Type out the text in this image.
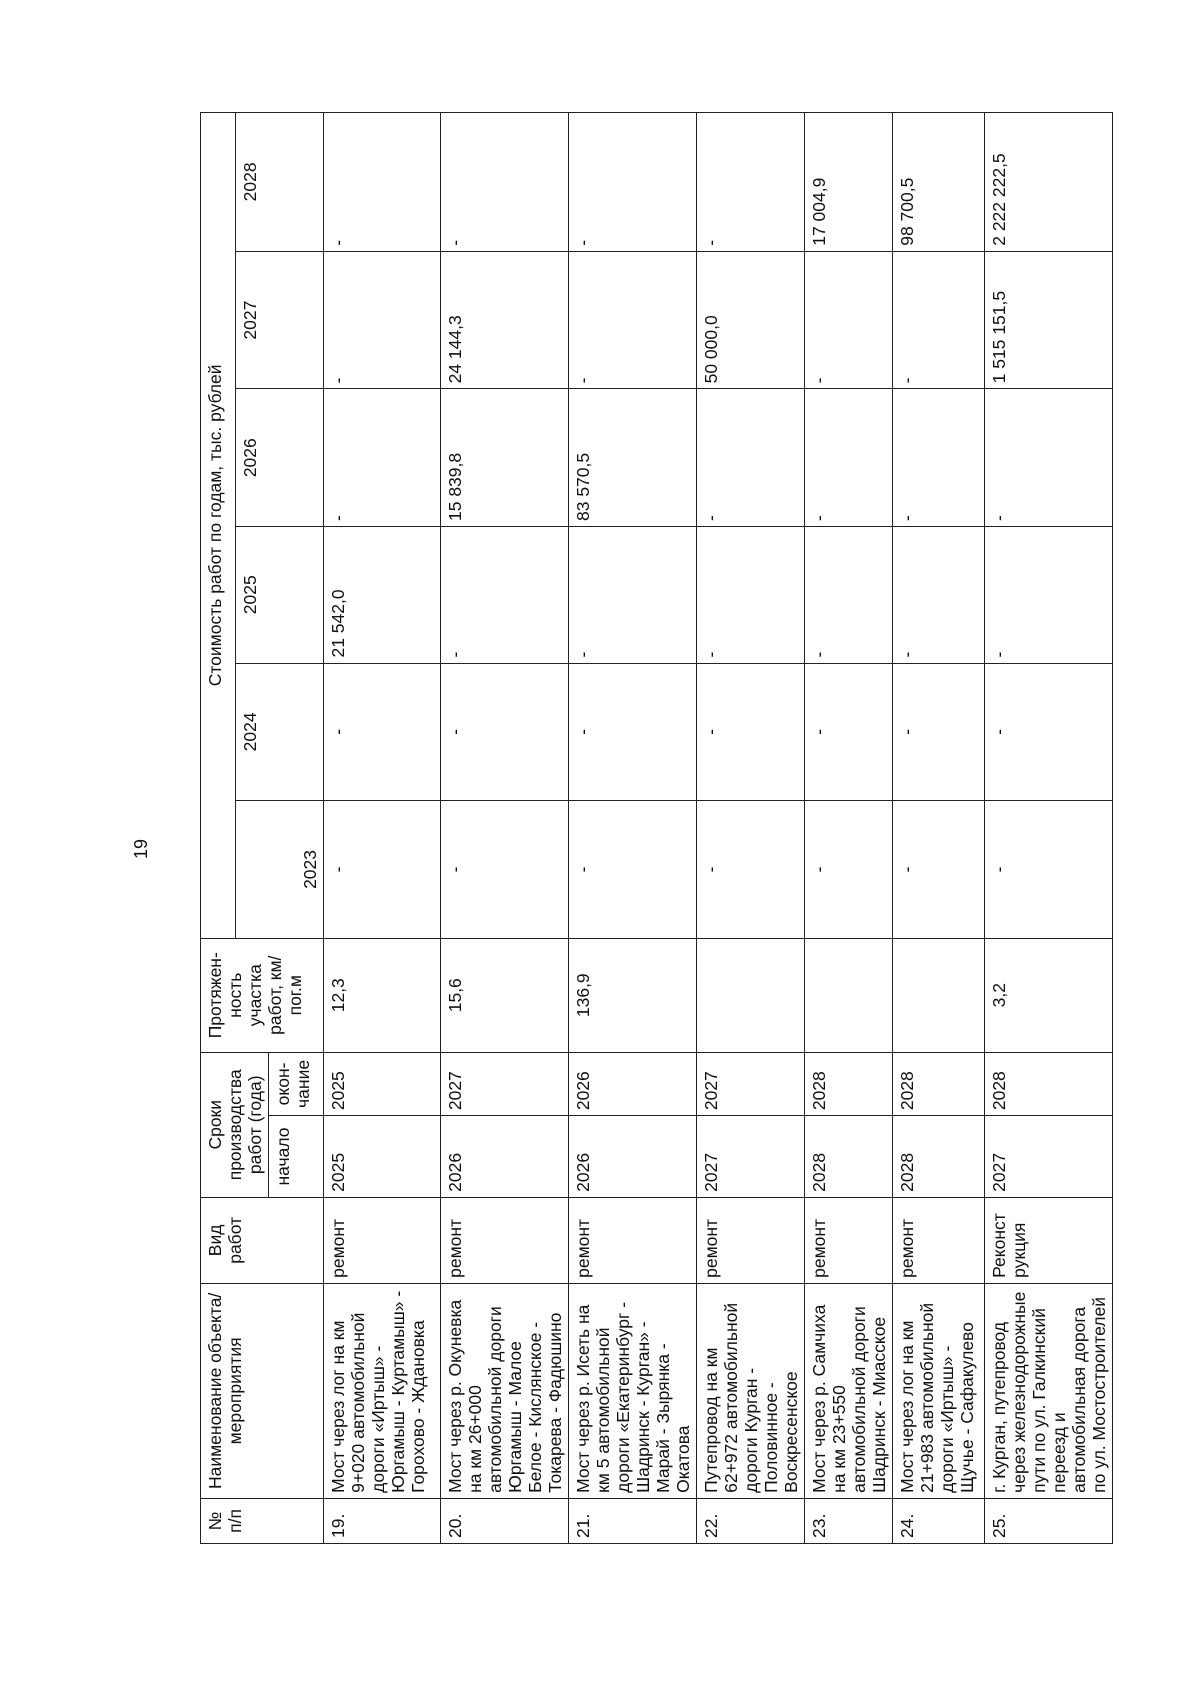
19
№ п/п	Наименование объекта/ мероприятия	Вид работ	Сроки производства работ (года)		Протяжен-ность участка работ, км/пог.м	Стоимость работ по годам, тыс. рублей					
						2023	2024	2025	2026	2027	2028
			начало	окон-чание							
19.	Мост через лог на км 9+020 автомобильной дороги «Иртыш» - Юргамыш - Куртамыш» - Горохово - Ждановка	ремонт	2025	2025	12,3	-	-	21 542,0	-	-	-
20.	Мост через р. Окуневка на км 26+000 автомобильной дороги Юргамыш - Малое Белое - Кислянское - Токарева - Фадюшино	ремонт	2026	2027	15,6	-	-	-	15 839,8	24 144,3	-
21.	Мост через р. Исеть на км 5 автомобильной дороги «Екатеринбург - Шадринск - Курган» - Марай - Зырянка - Окатова	ремонт	2026	2026	136,9	-	-	-	83 570,5	-	-
22.	Путепровод на км 62+972 автомобильной дороги Курган - Половинное - Воскресенское	ремонт	2027	2027		-	-	-	-	50 000,0	-
23.	Мост через р. Самчиха на км 23+550 автомобильной дороги Шадринск - Миасское	ремонт	2028	2028		-	-	-	-	-	17 004,9
24.	Мост через лог на км 21+983 автомобильной дороги «Иртыш» - Щучье - Сафакулево	ремонт	2028	2028		-	-	-	-	-	98 700,5
25.	г. Курган, путепровод через железнодорожные пути по ул. Галкинский переезд и автомобильная дорога по ул. Мостостроителей	Реконст рукция	2027	2028	3,2	-	-	-	-	1 515 151,5	2 222 222,5
